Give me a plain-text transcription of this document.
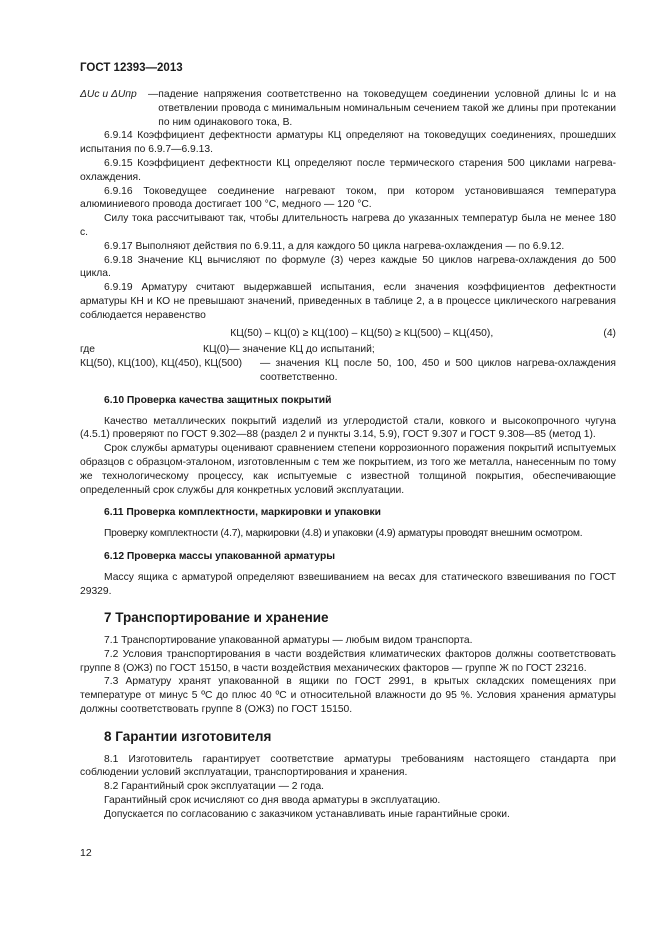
ГОСТ 12393—2013
ΔUс и ΔUпр	— падение напряжения соответственно на токоведущем соединении условной длины lс и на ответвлении провода с минимальным номинальным сечением такой же длины при протекании по ним одинакового тока, В.

6.9.14 Коэффициент дефектности арматуры КЦ определяют на токоведущих соединениях, прошедших испытания по 6.9.7—6.9.13.

6.9.15 Коэффициент дефектности КЦ определяют после термического старения 500 циклами нагрева-охлаждения.

6.9.16 Токоведущее соединение нагревают током, при котором установившаяся температура алюминиевого провода достигает 100 °С, медного — 120 °С.

Силу тока рассчитывают так, чтобы длительность нагрева до указанных температур была не менее 180 с.

6.9.17 Выполняют действия по 6.9.11, а для каждого 50 цикла нагрева-охлаждения — по 6.9.12.

6.9.18 Значение КЦ вычисляют по формуле (3) через каждые 50 циклов нагрева-охлаждения до 500 цикла.

6.9.19 Арматуру считают выдержавшей испытания, если значения коэффициентов дефектности арматуры КН и КО не превышают значений, приведенных в таблице 2, а в процессе циклического нагревания соблюдается неравенство

КЦ(50) – КЦ(0) ≥ КЦ(100) – КЦ(50) ≥ КЦ(500) – КЦ(450),	(4)
где	КЦ(0) — значение КЦ до испытаний;
КЦ(50), КЦ(100), КЦ(450), КЦ(500)	— значения КЦ после 50, 100, 450 и 500 циклов нагрева-охлаждения соответственно.

6.10 Проверка качества защитных покрытий

Качество металлических покрытий изделий из углеродистой стали, ковкого и высокопрочного чугуна (4.5.1) проверяют по ГОСТ 9.302—88 (раздел 2 и пункты 3.14, 5.9), ГОСТ 9.307 и ГОСТ 9.308—85 (метод 1).

Срок службы арматуры оценивают сравнением степени коррозионного поражения покрытий испытуемых образцов с образцом-эталоном, изготовленным с тем же покрытием, из того же металла, нанесенным по тому же технологическому процессу, как испытуемые с известной толщиной покрытия, обеспечивающие определенный срок службы для конкретных условий эксплуатации.

6.11 Проверка комплектности, маркировки и упаковки

Проверку комплектности (4.7), маркировки (4.8) и упаковки (4.9) арматуры проводят внешним осмотром.

6.12 Проверка массы упакованной арматуры

Массу ящика с арматурой определяют взвешиванием на весах для статического взвешивания по ГОСТ 29329.

7 Транспортирование и хранение

7.1 Транспортирование упакованной арматуры — любым видом транспорта.

7.2 Условия транспортирования в части воздействия климатических факторов должны соответствовать группе 8 (ОЖ3) по ГОСТ 15150, в части воздействия механических факторов — группе Ж по ГОСТ 23216.

7.3 Арматуру хранят упакованной в ящики по ГОСТ 2991, в крытых складских помещениях при температуре от минус 5 ºС до плюс 40 ºС и относительной влажности до 95 %. Условия хранения арматуры должны соответствовать группе 8 (ОЖ3) по ГОСТ 15150.

8 Гарантии изготовителя

8.1 Изготовитель гарантирует соответствие арматуры требованиям настоящего стандарта при соблюдении условий эксплуатации, транспортирования и хранения.

8.2 Гарантийный срок эксплуатации — 2 года.

Гарантийный срок исчисляют со дня ввода арматуры в эксплуатацию.

Допускается по согласованию с заказчиком устанавливать иные гарантийные сроки.

12
